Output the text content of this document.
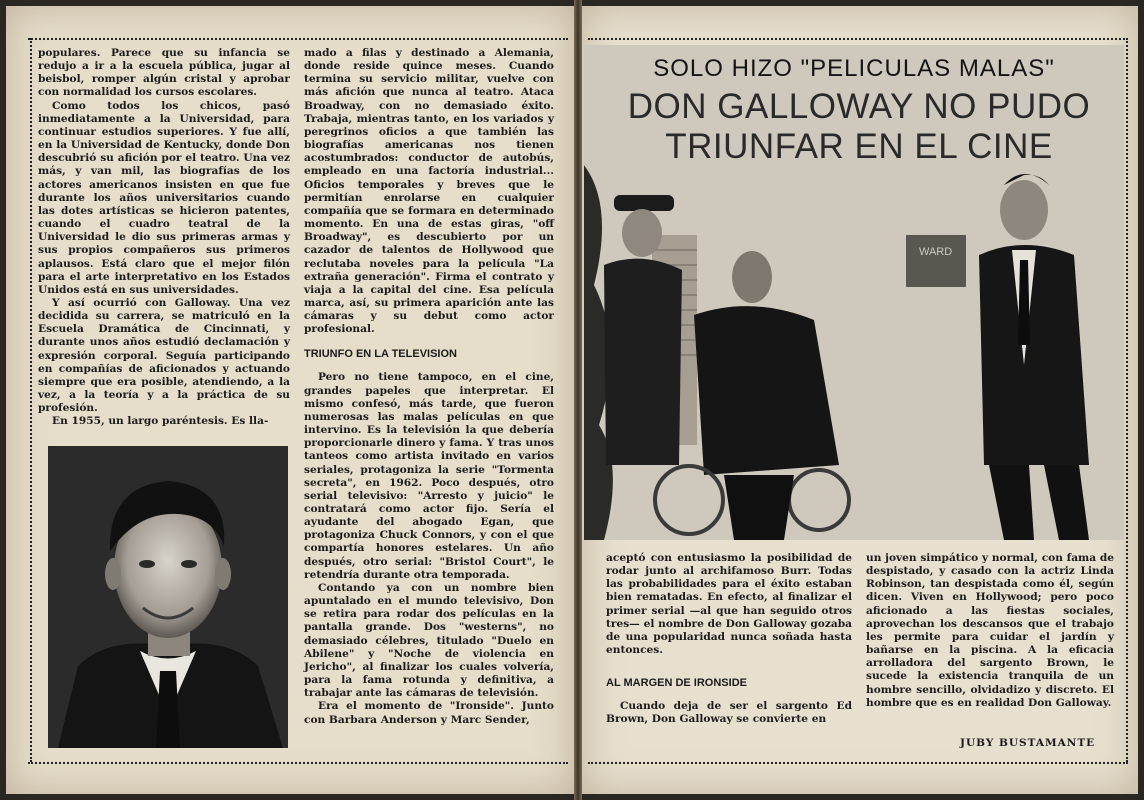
populares. Parece que su infancia se redujo a ir a la escuela pública, jugar al beisbol, romper algún cristal y aprobar con normalidad los cursos escolares.

Como todos los chicos, pasó inmediatamente a la Universidad, para continuar estudios superiores. Y fue allí, en la Universidad de Kentucky, donde Don descubrió su afición por el teatro. Una vez más, y van mil, las biografías de los actores americanos insisten en que fue durante los años universitarios cuando las dotes artísticas se hicieron patentes, cuando el cuadro teatral de la Universidad le dio sus primeras armas y sus propios compañeros sus primeros aplausos. Está claro que el mejor filón para el arte interpretativo en los Estados Unidos está en sus universidades.

Y así ocurrió con Galloway. Una vez decidida su carrera, se matriculó en la Escuela Dramática de Cincinnati, y durante unos años estudió declamación y expresión corporal. Seguía participando en compañías de aficionados y actuando siempre que era posible, atendiendo, a la vez, a la teoría y a la práctica de su profesión.

En 1955, un largo paréntesis. Es lla-

mado a filas y destinado a Alemania, donde reside quince meses. Cuando termina su servicio militar, vuelve con más afición que nunca al teatro. Ataca Broadway, con no demasiado éxito. Trabaja, mientras tanto, en los variados y peregrinos oficios a que también las biografías americanas nos tienen acostumbrados: conductor de autobús, empleado en una factoría industrial... Oficios temporales y breves que le permitían enrolarse en cualquier compañía que se formara en determinado momento. En una de estas giras, "off Broadway", es descubierto por un cazador de talentos de Hollywood que reclutaba noveles para la película "La extraña generación". Firma el contrato y viaja a la capital del cine. Esa película marca, así, su primera aparición ante las cámaras y su debut como actor profesional.

TRIUNFO EN LA TELEVISION

Pero no tiene tampoco, en el cine, grandes papeles que interpretar. El mismo confesó, más tarde, que fueron numerosas las malas películas en que intervino. Es la televisión la que debería proporcionarle dinero y fama. Y tras unos tanteos como artista invitado en varios seriales, protagoniza la serie "Tormenta secreta", en 1962. Poco después, otro serial televisivo: "Arresto y juicio" le contratará como actor fijo. Sería el ayudante del abogado Egan, que protagoniza Chuck Connors, y con el que compartía honores estelares. Un año después, otro serial: "Bristol Court", le retendría durante otra temporada.

Contando ya con un nombre bien apuntalado en el mundo televisivo, Don se retira para rodar dos películas en la pantalla grande. Dos "westerns", no demasiado célebres, titulado "Duelo en Abilene" y "Noche de violencia en Jericho", al finalizar los cuales volvería, para la fama rotunda y definitiva, a trabajar ante las cámaras de televisión.

Era el momento de "Ironside". Junto con Barbara Anderson y Marc Sender,

WARD
SOLO HIZO "PELICULAS MALAS"
DON GALLOWAY NO PUDO TRIUNFAR EN EL CINE

aceptó con entusiasmo la posibilidad de rodar junto al archifamoso Burr. Todas las probabilidades para el éxito estaban bien rematadas. En efecto, al finalizar el primer serial —al que han seguido otros tres— el nombre de Don Galloway gozaba de una popularidad nunca soñada hasta entonces.

AL MARGEN DE IRONSIDE

Cuando deja de ser el sargento Ed Brown, Don Galloway se convierte en

un joven simpático y normal, con fama de despistado, y casado con la actriz Linda Robinson, tan despistada como él, según dicen. Viven en Hollywood; pero poco aficionado a las fiestas sociales, aprovechan los descansos que el trabajo les permite para cuidar el jardín y bañarse en la piscina. A la eficacia arrolladora del sargento Brown, le sucede la existencia tranquila de un hombre sencillo, olvidadizo y discreto. El hombre que es en realidad Don Galloway.

JUBY BUSTAMANTE
